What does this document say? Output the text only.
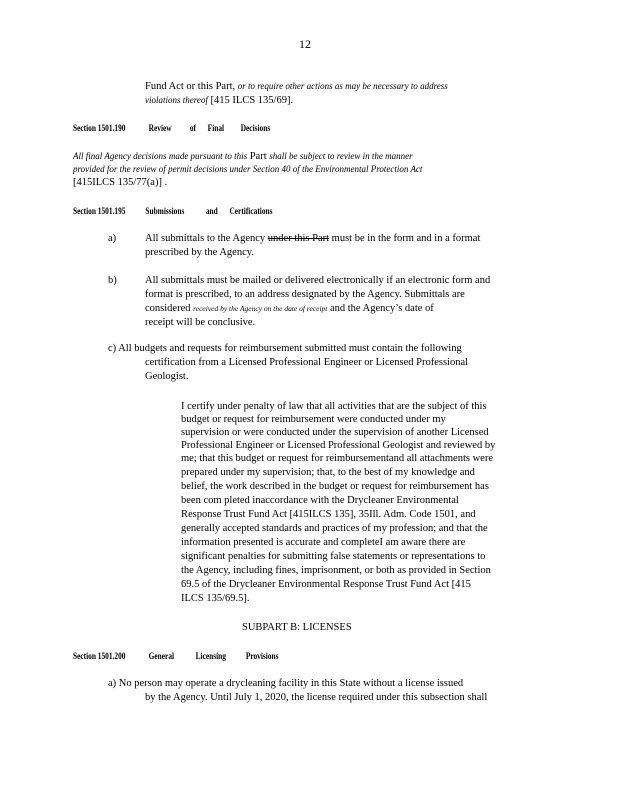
12
Fund Act or this Part, or to require other actions as may be necessary to address
violations thereof [415 ILCS 135/69].
Section 1501.190	Review of Final Decisions
All final Agency decisions made pursuant to this Part shall be subject to review in the manner
provided for the review of permit decisions under Section 40 of the Environmental Protection Act
[415ILCS 135/77(a)] .
Section 1501.195 Submissions and Certifications
a)	All submittals to the Agency under this Part must be in the form and in a format
prescribed by the Agency.
b)	All submittals must be mailed or delivered electronically if an electronic form and
format is prescribed, to an address designated by the Agency. Submittals are
considered received by the Agency on the date of receipt and the Agency’s date of
receipt will be conclusive.
c) All budgets and requests for reimbursement submitted must contain the following
certification from a Licensed Professional Engineer or Licensed Professional
Geologist.
I certify under penalty of law that all activities that are the subject of this
budget or request for reimbursement were conducted under my
supervision or were conducted under the supervision of another Licensed
Professional Engineer or Licensed Professional Geologist and reviewed by
me; that this budget or request for reimbursementand all attachments were
prepared under my supervision; that, to the best of my knowledge and
belief, the work described in the budget or request for reimbursement has
been com pleted inaccordance with the Drycleaner Environmental
Response Trust Fund Act [415ILCS 135], 35Ill. Adm. Code 1501, and
generally accepted standards and practices of my profession; and that the
information presented is accurate and completeI am aware there are
significant penalties for submitting false statements or representations to
the Agency, including fines, imprisonment, or both as provided in Section
69.5 of the Drycleaner Environmental Response Trust Fund Act [415
ILCS 135/69.5].
SUBPART B: LICENSES
Section 1501.200	General Licensing Provisions
a) No person may operate a drycleaning facility in this State without a license issued
by the Agency. Until July 1, 2020, the license required under this subsection shall
